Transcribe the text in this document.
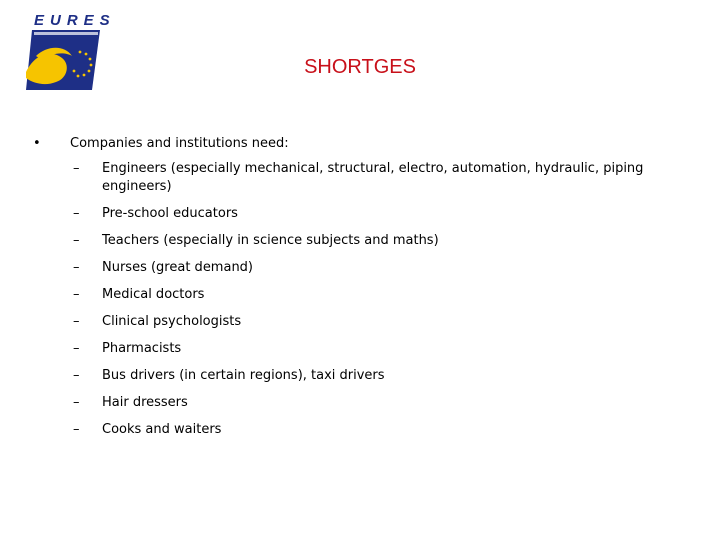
EURES
SHORTGES
• Companies and institutions need:
– Engineers (especially mechanical, structural, electro, automation, hydraulic, piping engineers)
– Pre-school educators
– Teachers (especially in science subjects and maths)
– Nurses (great demand)
– Medical doctors
– Clinical psychologists
– Pharmacists
– Bus drivers (in certain regions), taxi drivers
– Hair dressers
– Cooks and waiters
